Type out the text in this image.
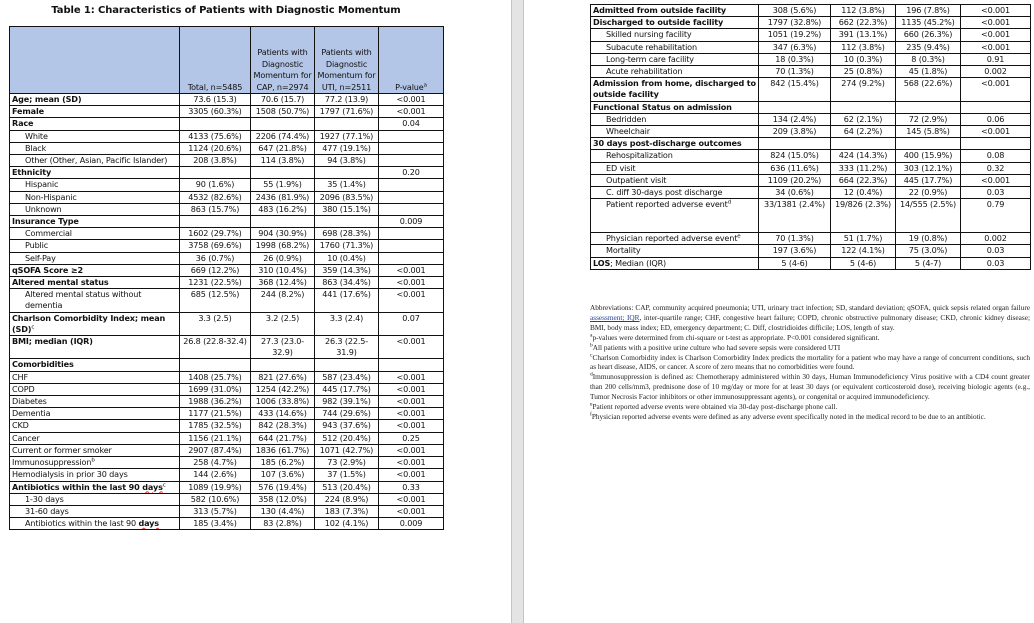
Table 1: Characteristics of Patients with Diagnostic Momentum
	Total, n=5485	Patients with Diagnostic Momentum for CAP, n=2974	Patients with Diagnostic Momentum for UTI, n=2511	P-value$^a$
Age; mean (SD)	73.6 (15.3)	70.6 (15.7)	77.2 (13.9)	<0.001
Female	3305 (60.3%)	1508 (50.7%)	1797 (71.6%)	<0.001
Race				0.04
White	4133 (75.6%)	2206 (74.4%)	1927 (77.1%)	
Black	1124 (20.6%)	647 (21.8%)	477 (19.1%)	
Other (Other, Asian, Pacific Islander)	208 (3.8%)	114 (3.8%)	94 (3.8%)	
Ethnicity				0.20
Hispanic	90 (1.6%)	55 (1.9%)	35 (1.4%)	
Non-Hispanic	4532 (82.6%)	2436 (81.9%)	2096 (83.5%)	
Unknown	863 (15.7%)	483 (16.2%)	380 (15.1%)	
Insurance Type				0.009
Commercial	1602 (29.7%)	904 (30.9%)	698 (28.3%)	
Public	3758 (69.6%)	1998 (68.2%)	1760 (71.3%)	
Self-Pay	36 (0.7%)	26 (0.9%)	10 (0.4%)	
qSOFA Score ≥2	669 (12.2%)	310 (10.4%)	359 (14.3%)	<0.001
Altered mental status	1231 (22.5%)	368 (12.4%)	863 (34.4%)	<0.001
Altered mental status without dementia	685 (12.5%)	244 (8.2%)	441 (17.6%)	<0.001
Charlson Comorbidity Index; mean (SD)$^c$	3.3 (2.5)	3.2 (2.5)	3.3 (2.4)	0.07
BMI; median (IQR)	26.8 (22.8-32.4)	27.3 (23.0-32.9)	26.3 (22.5-31.9)	<0.001
Comorbidities				
CHF	1408 (25.7%)	821 (27.6%)	587 (23.4%)	<0.001
COPD	1699 (31.0%)	1254 (42.2%)	445 (17.7%)	<0.001
Diabetes	1988 (36.2%)	1006 (33.8%)	982 (39.1%)	<0.001
Dementia	1177 (21.5%)	433 (14.6%)	744 (29.6%)	<0.001
CKD	1785 (32.5%)	842 (28.3%)	943 (37.6%)	<0.001
Cancer	1156 (21.1%)	644 (21.7%)	512 (20.4%)	0.25
Current or former smoker	2907 (87.4%)	1836 (61.7%)	1071 (42.7%)	<0.001
Immunosuppression$^b$	258 (4.7%)	185 (6.2%)	73 (2.9%)	<0.001
Hemodialysis in prior 30 days	144 (2.6%)	107 (3.6%)	37 (1.5%)	<0.001
Antibiotics within the last 90 days$^c$	1089 (19.9%)	576 (19.4%)	513 (20.4%)	0.33
1-30 days	582 (10.6%)	358 (12.0%)	224 (8.9%)	<0.001
31-60 days	313 (5.7%)	130 (4.4%)	183 (7.3%)	<0.001
Antibiotics within the last 90 days	185 (3.4%)	83 (2.8%)	102 (4.1%)	0.009
Admitted from outside facility	308 (5.6%)	112 (3.8%)	196 (7.8%)	<0.001
Discharged to outside facility	1797 (32.8%)	662 (22.3%)	1135 (45.2%)	<0.001
Skilled nursing facility	1051 (19.2%)	391 (13.1%)	660 (26.3%)	<0.001
Subacute rehabilitation	347 (6.3%)	112 (3.8%)	235 (9.4%)	<0.001
Long-term care facility	18 (0.3%)	10 (0.3%)	8 (0.3%)	0.91
Acute rehabilitation	70 (1.3%)	25 (0.8%)	45 (1.8%)	0.002
Admission from home, discharged to outside facility	842 (15.4%)	274 (9.2%)	568 (22.6%)	<0.001
Functional Status on admission				
Bedridden	134 (2.4%)	62 (2.1%)	72 (2.9%)	0.06
Wheelchair	209 (3.8%)	64 (2.2%)	145 (5.8%)	<0.001
30 days post-discharge outcomes				
Rehospitalization	824 (15.0%)	424 (14.3%)	400 (15.9%)	0.08
ED visit	636 (11.6%)	333 (11.2%)	303 (12.1%)	0.32
Outpatient visit	1109 (20.2%)	664 (22.3%)	445 (17.7%)	<0.001
C. diff 30-days post discharge	34 (0.6%)	12 (0.4%)	22 (0.9%)	0.03
Patient reported adverse event$^d$	33/1381 (2.4%)	19/826 (2.3%)	14/555 (2.5%)	0.79
Physician reported adverse event$^e$	70 (1.3%)	51 (1.7%)	19 (0.8%)	0.002
Mortality	197 (3.6%)	122 (4.1%)	75 (3.0%)	0.03
LOS; Median (IQR)	5 (4-6)	5 (4-6)	5 (4-7)	0.03

Abbreviations: CAP, community acquired pneumonia; UTI, urinary tract infection; SD, standard deviation; qSOFA, quick sepsis related organ failure assessment; IQR, inter-quartile range; CHF, congestive heart failure; COPD, chronic obstructive pulmonary disease; CKD, chronic kidney disease; BMI, body mass index; ED, emergency department; C. Diff, clostridioides difficile; LOS, length of stay.

$^a$p-values were determined from chi-square or t-test as appropriate. P<0.001 considered significant.

$^b$All patients with a positive urine culture who had severe sepsis were considered UTI

$^c$Charlson Comorbidity index is Charlson Comorbidity Index predicts the mortality for a patient who may have a range of concurrent conditions, such as heart disease, AIDS, or cancer. A score of zero means that no comorbidities were found.

$^d$Immunosuppression is defined as: Chemotherapy administered within 30 days, Human Immunodeficiency Virus positive with a CD4 count greater than 200 cells/mm3, prednisone dose of 10 mg/day or more for at least 30 days (or equivalent corticosteroid dose), receiving biologic agents (e.g., Tumor Necrosis Factor inhibitors or other immunosuppressant agents), or congenital or acquired immunodeficiency.

$^e$Patient reported adverse events were obtained via 30-day post-discharge phone call.

$^f$Physician reported adverse events were defined as any adverse event specifically noted in the medical record to be due to an antibiotic.
